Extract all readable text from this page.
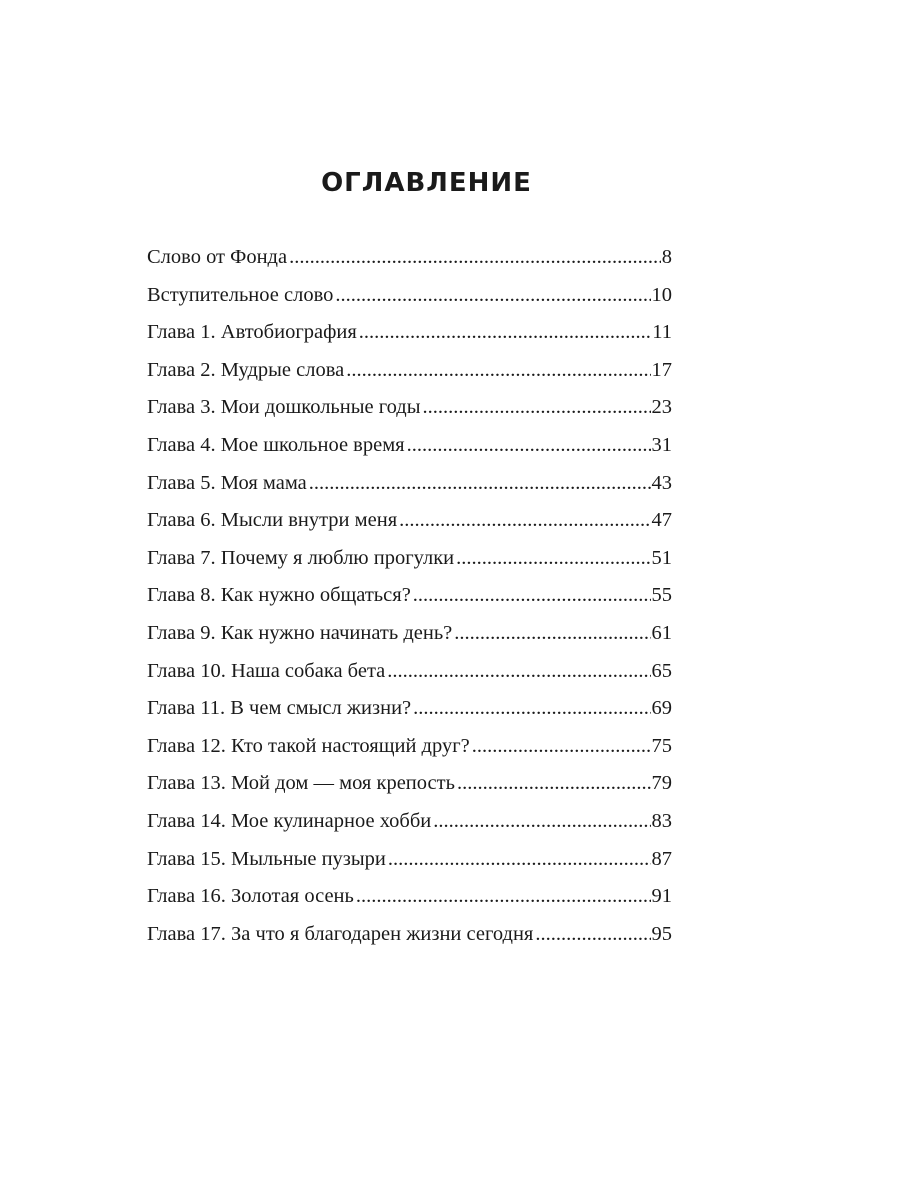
ОГЛАВЛЕНИЕ
Слово от Фонда .....	8
Вступительное слово .....	10
Глава 1. Автобиография .....	11
Глава 2. Мудрые слова .....	17
Глава 3. Мои дошкольные годы .....	23
Глава 4. Мое школьное время .....	31
Глава 5. Моя мама .....	43
Глава 6. Мысли внутри меня .....	47
Глава 7. Почему я люблю прогулки .....	51
Глава 8. Как нужно общаться? .....	55
Глава 9. Как нужно начинать день? .....	61
Глава 10. Наша собака бета .....	65
Глава 11. В чем смысл жизни? .....	69
Глава 12. Кто такой настоящий друг? .....	75
Глава 13. Мой дом — моя крепость .....	79
Глава 14. Мое кулинарное хобби .....	83
Глава 15. Мыльные пузыри .....	87
Глава 16. Золотая осень .....	91
Глава 17. За что я благодарен жизни сегодня .....	95
